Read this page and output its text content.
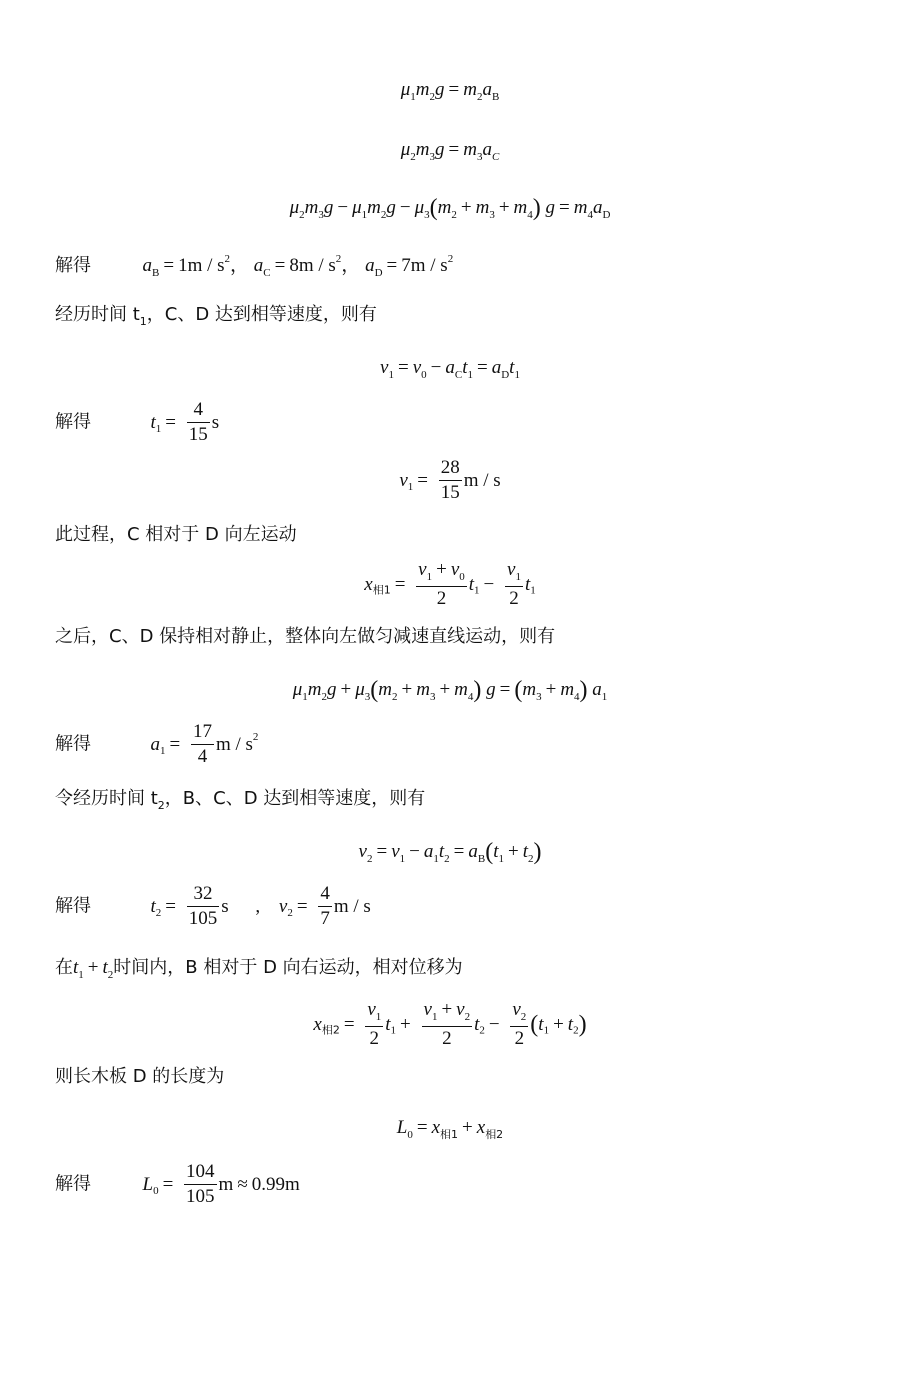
$\mu_1m_2g = m_2a_B$
$\mu_2m_3g = m_3a_C$
$\mu_2m_3g - \mu_1m_2g - \mu_3(m_2 + m_3 + m_4) g = m_4a_D$
解得	$a_B = 1m / s^2$， $a_C = 8m / s^2$， $a_D = 7m / s^2$
经历时间 $t_1$，C、D 达到相等速度，则有
$v_1 = v_0 - a_Ct_1 = a_Dt_1$
解得	$t_1 = \frac{4}{15}$ s
$v_1 = \frac{28}{15}$ m / s
此过程，C 相对于 D 向左运动
$x_{相1} = \frac{v_1 + v_0}{2} t_1 - \frac{v_1}{2} t_1$
之后，C、D 保持相对静止，整体向左做匀减速直线运动，则有
$\mu_1m_2g + \mu_3(m_2 + m_3 + m_4) g = (m_3 + m_4)$ $a_1$
解得	$a_1 = \frac{17}{4}$ m / $s^2$
令经历时间 $t_2$，B、C、D 达到相等速度，则有
$v_2 = v_1 - a_1t_2 = a_B(t_1 + t_2)$
解得	$t_2 = \frac{32}{105}$ s , $v_2 = \frac{4}{7}$ m / s
在$t_1 + t_2$时间内，B 相对于 D 向右运动，相对位移为
$x_{相2} = \frac{v_1}{2} t_1 + \frac{v_1 + v_2}{2} t_2 - \frac{v_2}{2} (t_1 + t_2)$
则长木板 D 的长度为
$L_0 = x_{相1} + x_{相2}$
解得	$L_0 = \frac{104}{105}$ m ≈ 0.99m
